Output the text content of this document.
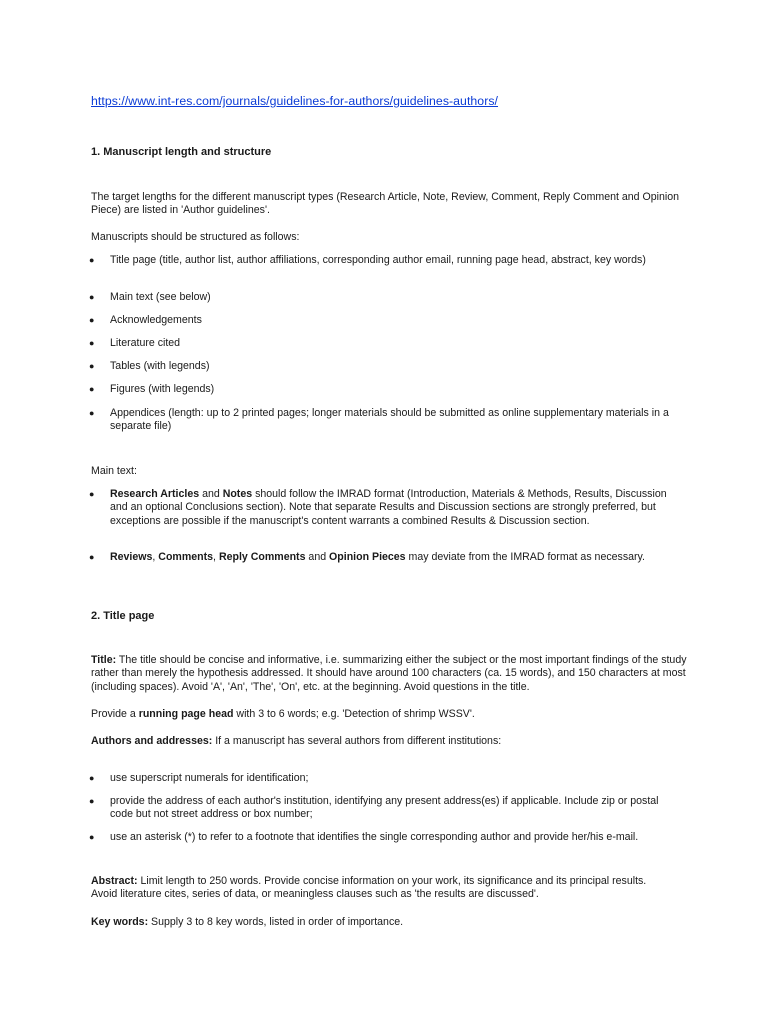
https://www.int-res.com/journals/guidelines-for-authors/guidelines-authors/

1. Manuscript length and structure

The target lengths for the different manuscript types (Research Article, Note, Review, Comment, Reply Comment and Opinion Piece) are listed in 'Author guidelines'.

Manuscripts should be structured as follows:

● Title page (title, author list, author affiliations, corresponding author email, running page head, abstract, key words)

● Main text (see below)

● Acknowledgements

● Literature cited

● Tables (with legends)

● Figures (with legends)

● Appendices (length: up to 2 printed pages; longer materials should be submitted as online supplementary materials in a separate file)

Main text:

● Research Articles and Notes should follow the IMRAD format (Introduction, Materials & Methods, Results, Discussion and an optional Conclusions section). Note that separate Results and Discussion sections are strongly preferred, but exceptions are possible if the manuscript's content warrants a combined Results & Discussion section.

● Reviews, Comments, Reply Comments and Opinion Pieces may deviate from the IMRAD format as necessary.

2. Title page

Title: The title should be concise and informative, i.e. summarizing either the subject or the most important findings of the study rather than merely the hypothesis addressed. It should have around 100 characters (ca. 15 words), and 150 characters at most (including spaces). Avoid 'A', 'An', 'The', 'On', etc. at the beginning. Avoid questions in the title.

Provide a running page head with 3 to 6 words; e.g. 'Detection of shrimp WSSV'.

Authors and addresses: If a manuscript has several authors from different institutions:

● use superscript numerals for identification;

● provide the address of each author's institution, identifying any present address(es) if applicable. Include zip or postal code but not street address or box number;

● use an asterisk (*) to refer to a footnote that identifies the single corresponding author and provide her/his e-mail.

Abstract: Limit length to 250 words. Provide concise information on your work, its significance and its principal results. Avoid literature cites, series of data, or meaningless clauses such as 'the results are discussed'.

Key words: Supply 3 to 8 key words, listed in order of importance.
